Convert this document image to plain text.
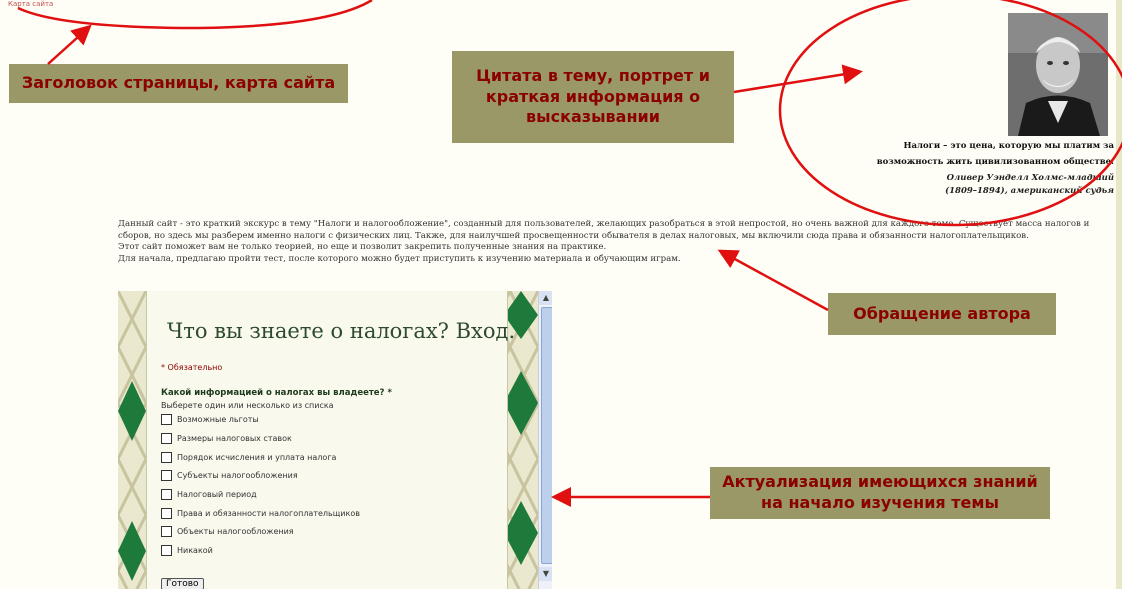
Карта сайта
Заголовок страницы, карта сайта	Цитата в тему, портрет и краткая информация о высказывании
Обращение автора
Актуализация имеющихся знаний на начало изучения темы
Налоги – это цена, которую мы платим за
возможность жить цивилизованном обществе.
Оливер Уэнделл Холмс-младший
(1809–1894), американский судья

Данный сайт - это краткий экскурс в тему "Налоги и налогообложение", созданный для пользователей, желающих разобраться в этой непростой, но очень важной для каждого теме. Существует масса налогов и сборов, но здесь мы разберем именно налоги с физических лиц. Также, для наилучшей просвещенности обывателя в делах налоговых, мы включили сюда права и обязанности налогоплательщиков.

Этот сайт поможет вам не только теорией, но еще и позволит закрепить полученные знания на практике.

Для начала, предлагаю пройти тест, после которого можно будет приступить к изучению материала и обучающим играм.

Что вы знаете о налогах? Вход.
* Обязательно
Какой информацией о налогах вы владеете? *
Выберете один или несколько из списка
Возможные льготы
Размеры налоговых ставок
Порядок исчисления и уплата налога
Субъекты налогообложения
Налоговый период
Права и обязанности налогоплательщиков
Объекты налогообложения
Никакой
Готово
▲
▼
